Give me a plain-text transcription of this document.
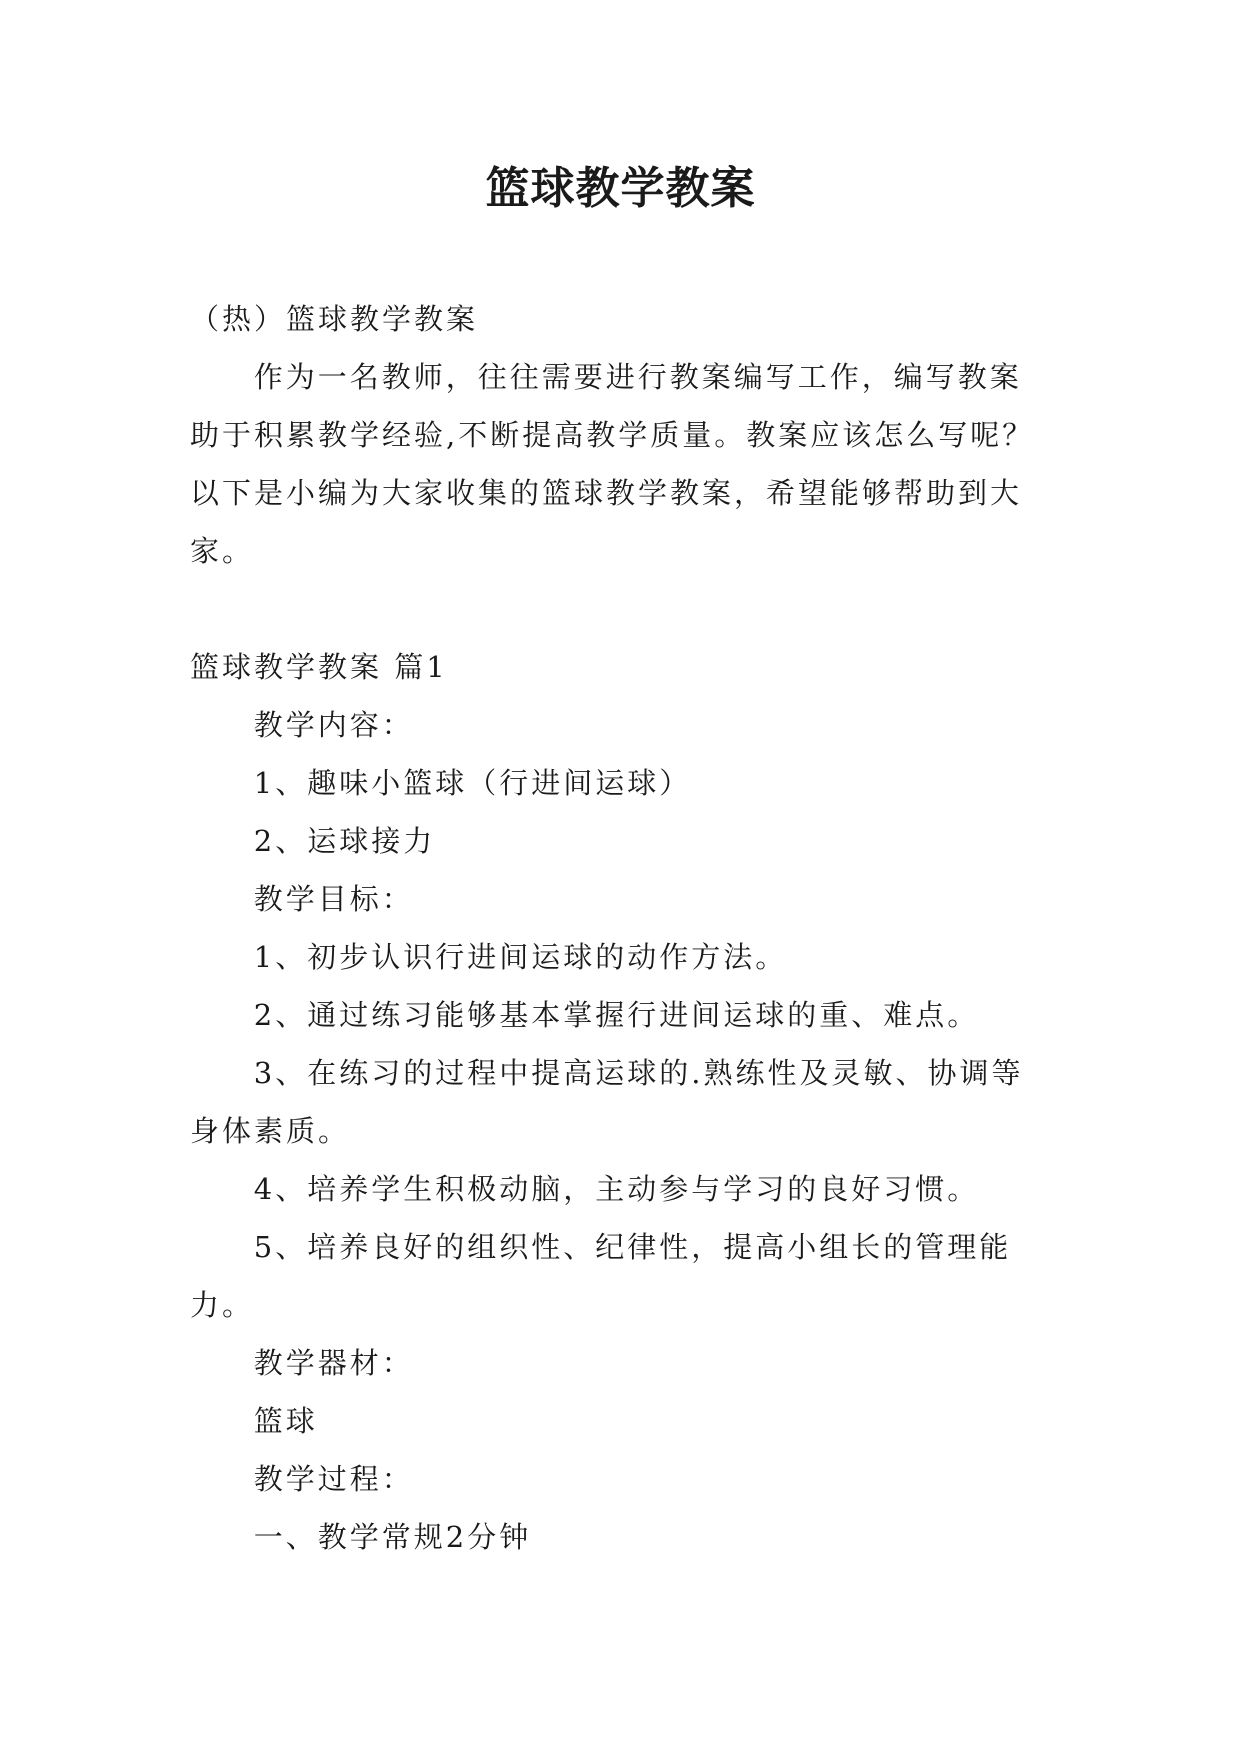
篮球教学教案

（热）篮球教学教案

作为一名教师，往往需要进行教案编写工作，编写教案助于积累教学经验,不断提高教学质量。教案应该怎么写呢？以下是小编为大家收集的篮球教学教案，希望能够帮助到大家。

篮球教学教案 篇1

教学内容：

1、趣味小篮球（行进间运球）

2、运球接力

教学目标：

1、初步认识行进间运球的动作方法。

2、通过练习能够基本掌握行进间运球的重、难点。

3、在练习的过程中提高运球的.熟练性及灵敏、协调等身体素质。

4、培养学生积极动脑，主动参与学习的良好习惯。

5、培养良好的组织性、纪律性，提高小组长的管理能力。

教学器材：

篮球

教学过程：

一、教学常规2分钟
